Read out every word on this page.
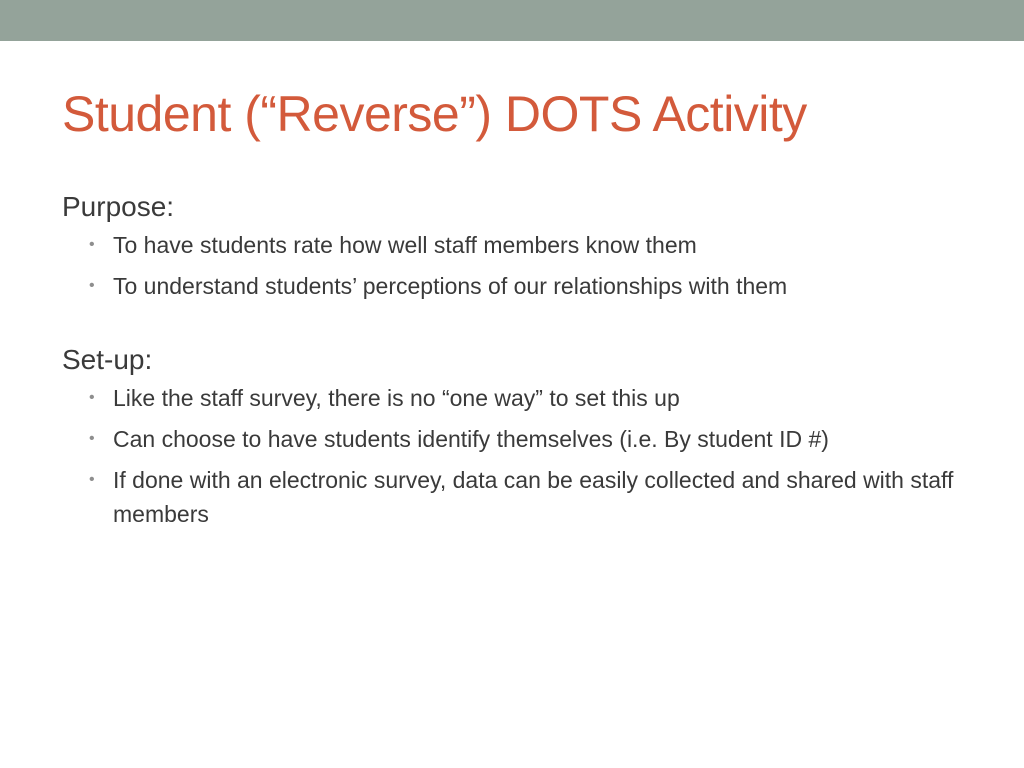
Student (“Reverse”) DOTS Activity

Purpose:

• To have students rate how well staff members know them
• To understand students’ perceptions of our relationships with them

Set-up:

• Like the staff survey, there is no “one way” to set this up
• Can choose to have students identify themselves (i.e. By student ID #)
• If done with an electronic survey, data can be easily collected and shared with staff members
